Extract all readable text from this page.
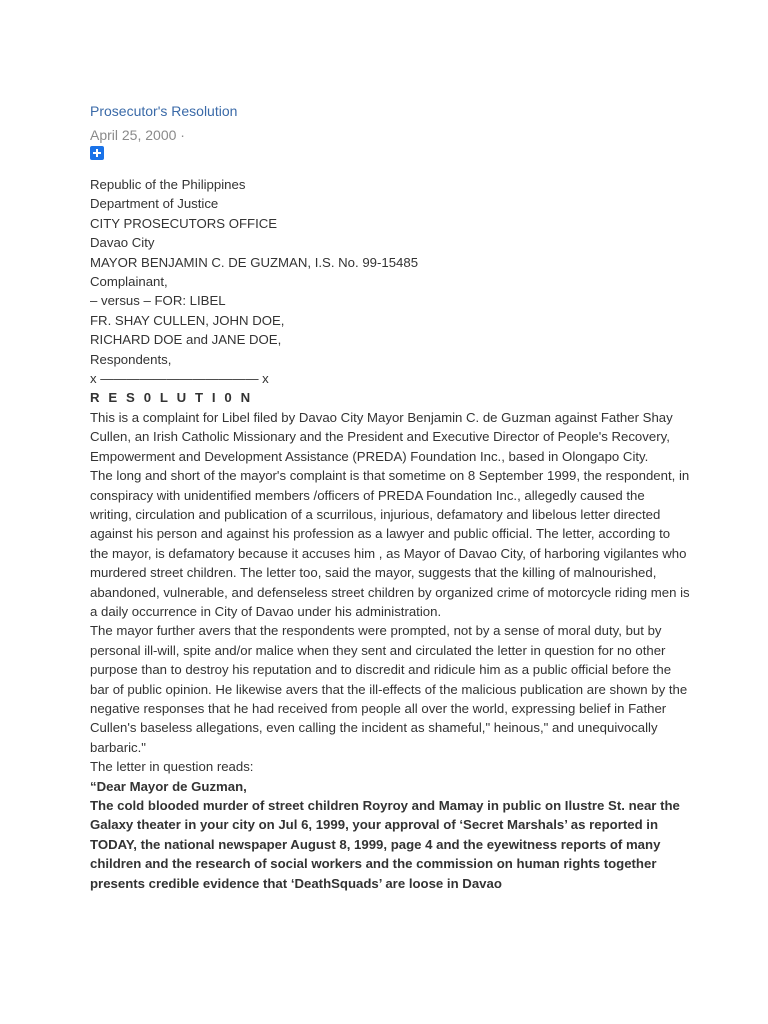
Prosecutor's Resolution
April 25, 2000 ·
Republic of the Philippines
Department of Justice
CITY PROSECUTORS OFFICE
Davao City
MAYOR BENJAMIN C. DE GUZMAN, I.S. No. 99-15485
Complainant,
– versus – FOR: LIBEL
FR. SHAY CULLEN, JOHN DOE,
RICHARD DOE and JANE DOE,
Respondents,
x ———————————— x
R E S 0 L U T I 0 N
This is a complaint for Libel filed by Davao City Mayor Benjamin C. de Guzman against Father Shay Cullen, an Irish Catholic Missionary and the President and Executive Director of People's Recovery, Empowerment and Development Assistance (PREDA) Foundation Inc., based in Olongapo City.
The long and short of the mayor's complaint is that sometime on 8 September 1999, the respondent, in conspiracy with unidentified members /officers of PREDA Foundation Inc., allegedly caused the writing, circulation and publication of a scurrilous, injurious, defamatory and libelous letter directed against his person and against his profession as a lawyer and public official. The letter, according to the mayor, is defamatory because it accuses him , as Mayor of Davao City, of harboring vigilantes who murdered street children. The letter too, said the mayor, suggests that the killing of malnourished, abandoned, vulnerable, and defenseless street children by organized crime of motorcycle riding men is a daily occurrence in City of Davao under his administration.
The mayor further avers that the respondents were prompted, not by a sense of moral duty, but by personal ill-will, spite and/or malice when they sent and circulated the letter in question for no other purpose than to destroy his reputation and to discredit and ridicule him as a public official before the bar of public opinion. He likewise avers that the ill-effects of the malicious publication are shown by the negative responses that he had received from people all over the world, expressing belief in Father Cullen's baseless allegations, even calling the incident as shameful," heinous," and unequivocally barbaric."
The letter in question reads:
“Dear Mayor de Guzman,
The cold blooded murder of street children Royroy and Mamay in public on Ilustre St. near the Galaxy theater in your city on Jul 6, 1999, your approval of ‘Secret Marshals’ as reported in TODAY, the national newspaper August 8, 1999, page 4 and the eyewitness reports of many children and the research of social workers and the commission on human rights together presents credible evidence that ‘DeathSquads’ are loose in Davao
